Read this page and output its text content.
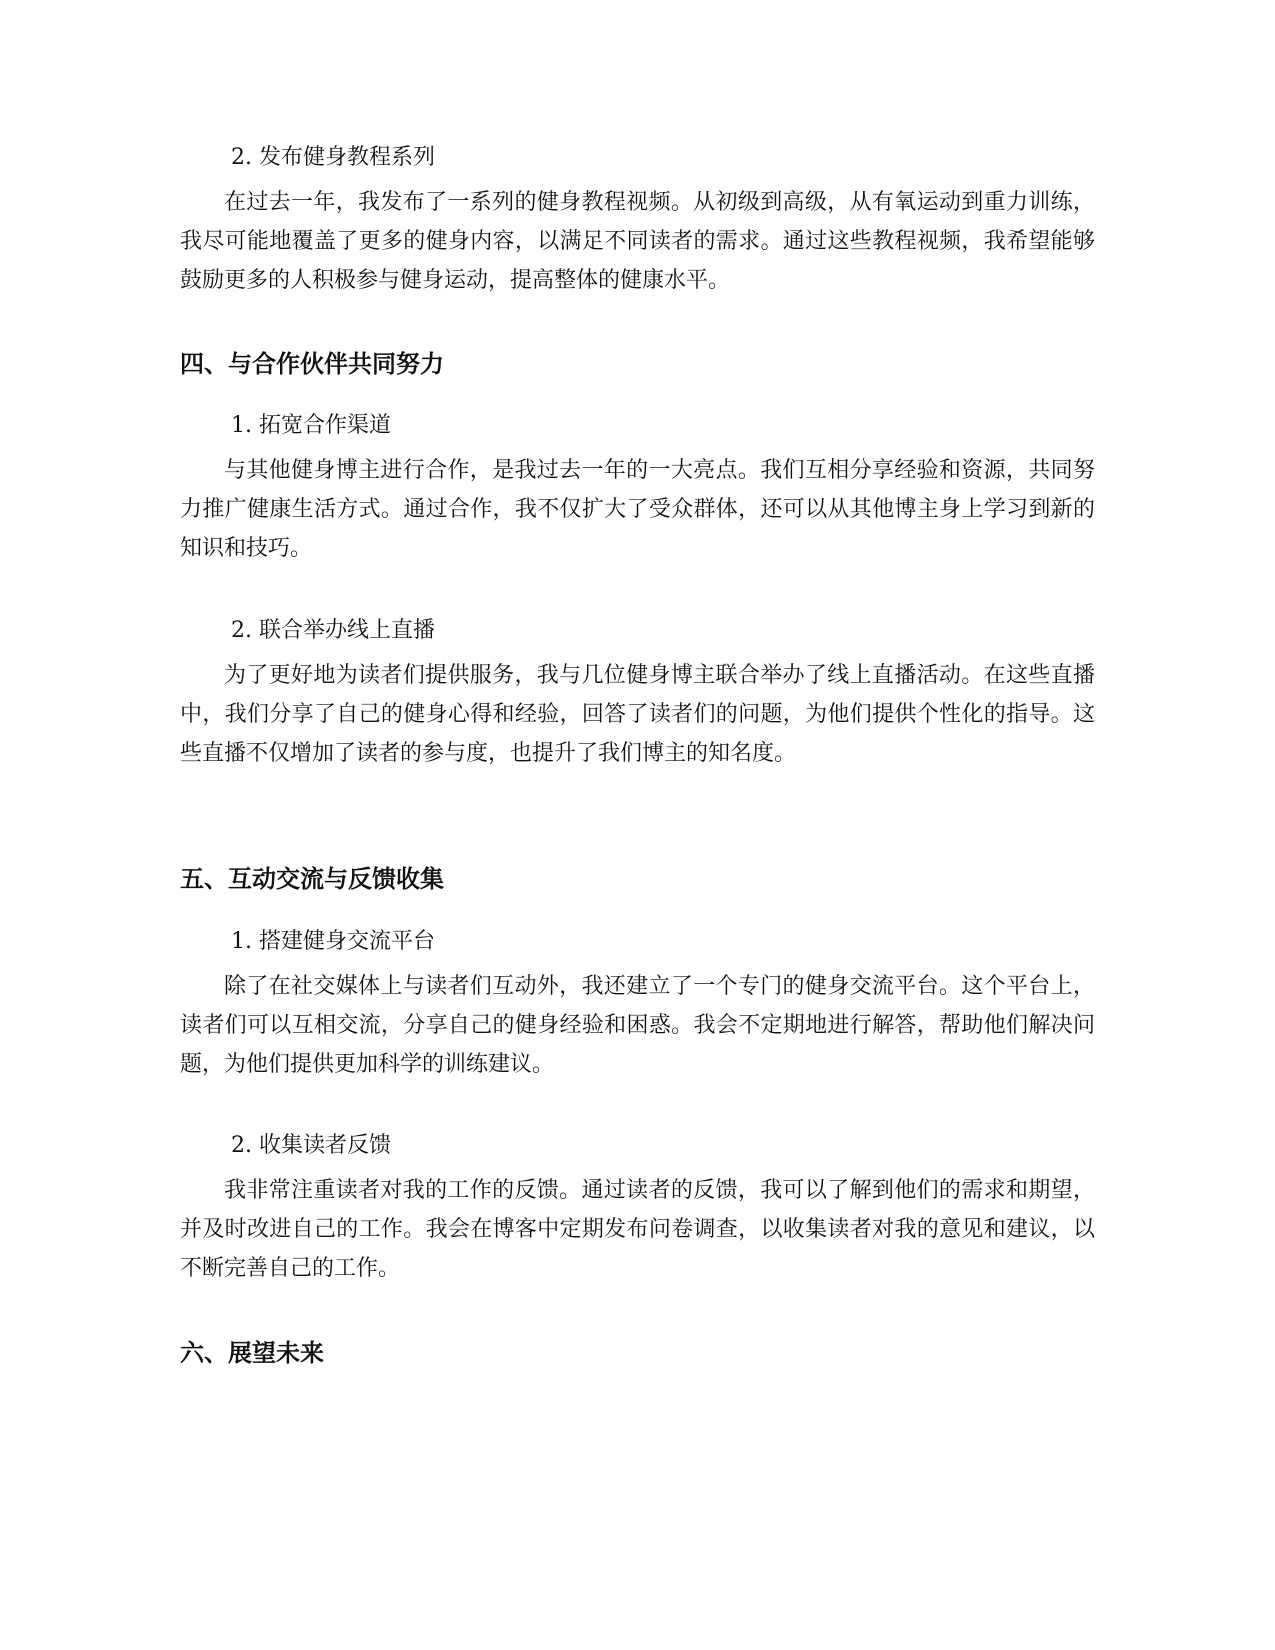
2. 发布健身教程系列

在过去一年，我发布了一系列的健身教程视频。从初级到高级，从有氧运动到重力训练，我尽可能地覆盖了更多的健身内容，以满足不同读者的需求。通过这些教程视频，我希望能够鼓励更多的人积极参与健身运动，提高整体的健康水平。

四、与合作伙伴共同努力
1. 拓宽合作渠道

与其他健身博主进行合作，是我过去一年的一大亮点。我们互相分享经验和资源，共同努力推广健康生活方式。通过合作，我不仅扩大了受众群体，还可以从其他博主身上学习到新的知识和技巧。

2. 联合举办线上直播

为了更好地为读者们提供服务，我与几位健身博主联合举办了线上直播活动。在这些直播中，我们分享了自己的健身心得和经验，回答了读者们的问题，为他们提供个性化的指导。这些直播不仅增加了读者的参与度，也提升了我们博主的知名度。

五、互动交流与反馈收集
1. 搭建健身交流平台

除了在社交媒体上与读者们互动外，我还建立了一个专门的健身交流平台。这个平台上，读者们可以互相交流，分享自己的健身经验和困惑。我会不定期地进行解答，帮助他们解决问题，为他们提供更加科学的训练建议。

2. 收集读者反馈

我非常注重读者对我的工作的反馈。通过读者的反馈，我可以了解到他们的需求和期望，并及时改进自己的工作。我会在博客中定期发布问卷调查，以收集读者对我的意见和建议，以不断完善自己的工作。

六、展望未来
